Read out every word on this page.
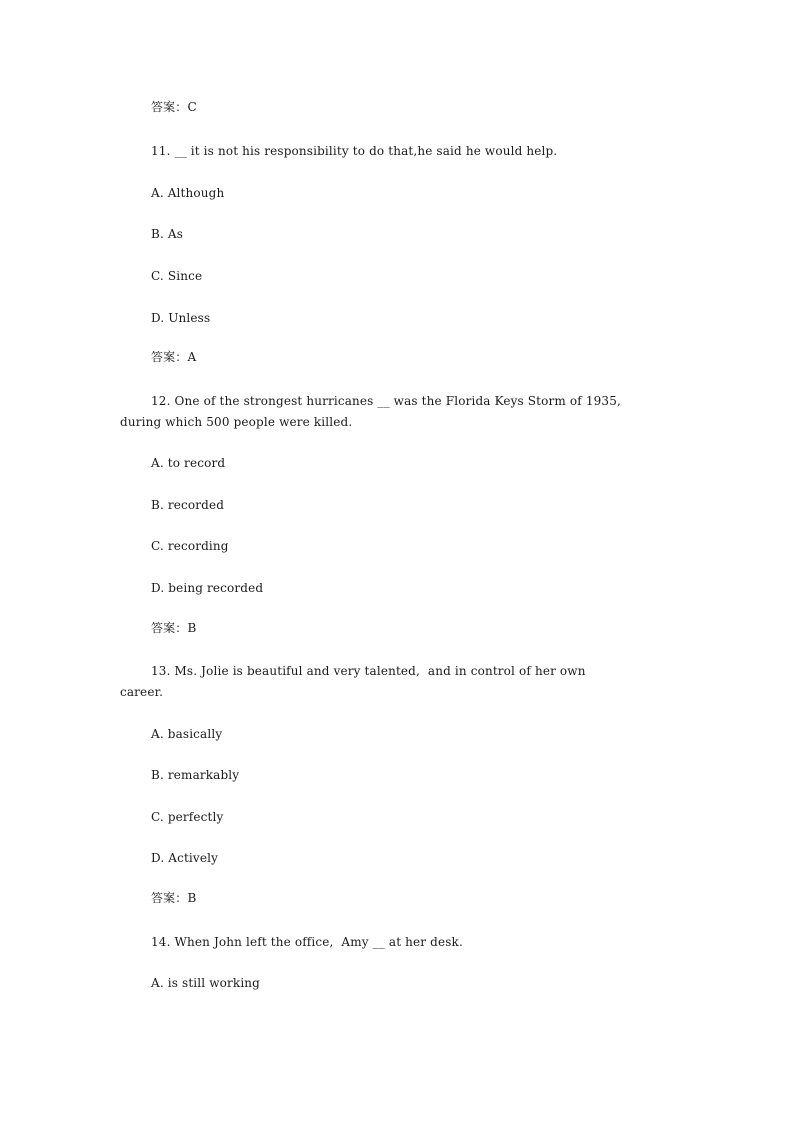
答案：C
11. __ it is not his responsibility to do that,he said he would help.
A. Although
B. As
C. Since
D. Unless
答案：A
12. One of the strongest hurricanes __ was the Florida Keys Storm of 1935,
during which 500 people were killed.
A. to record
B. recorded
C. recording
D. being recorded
答案：B
13. Ms. Jolie is beautiful and very talented,  and in control of her own
career.
A. basically
B. remarkably
C. perfectly
D. Actively
答案：B
14. When John left the office,  Amy __ at her desk.
A. is still working
